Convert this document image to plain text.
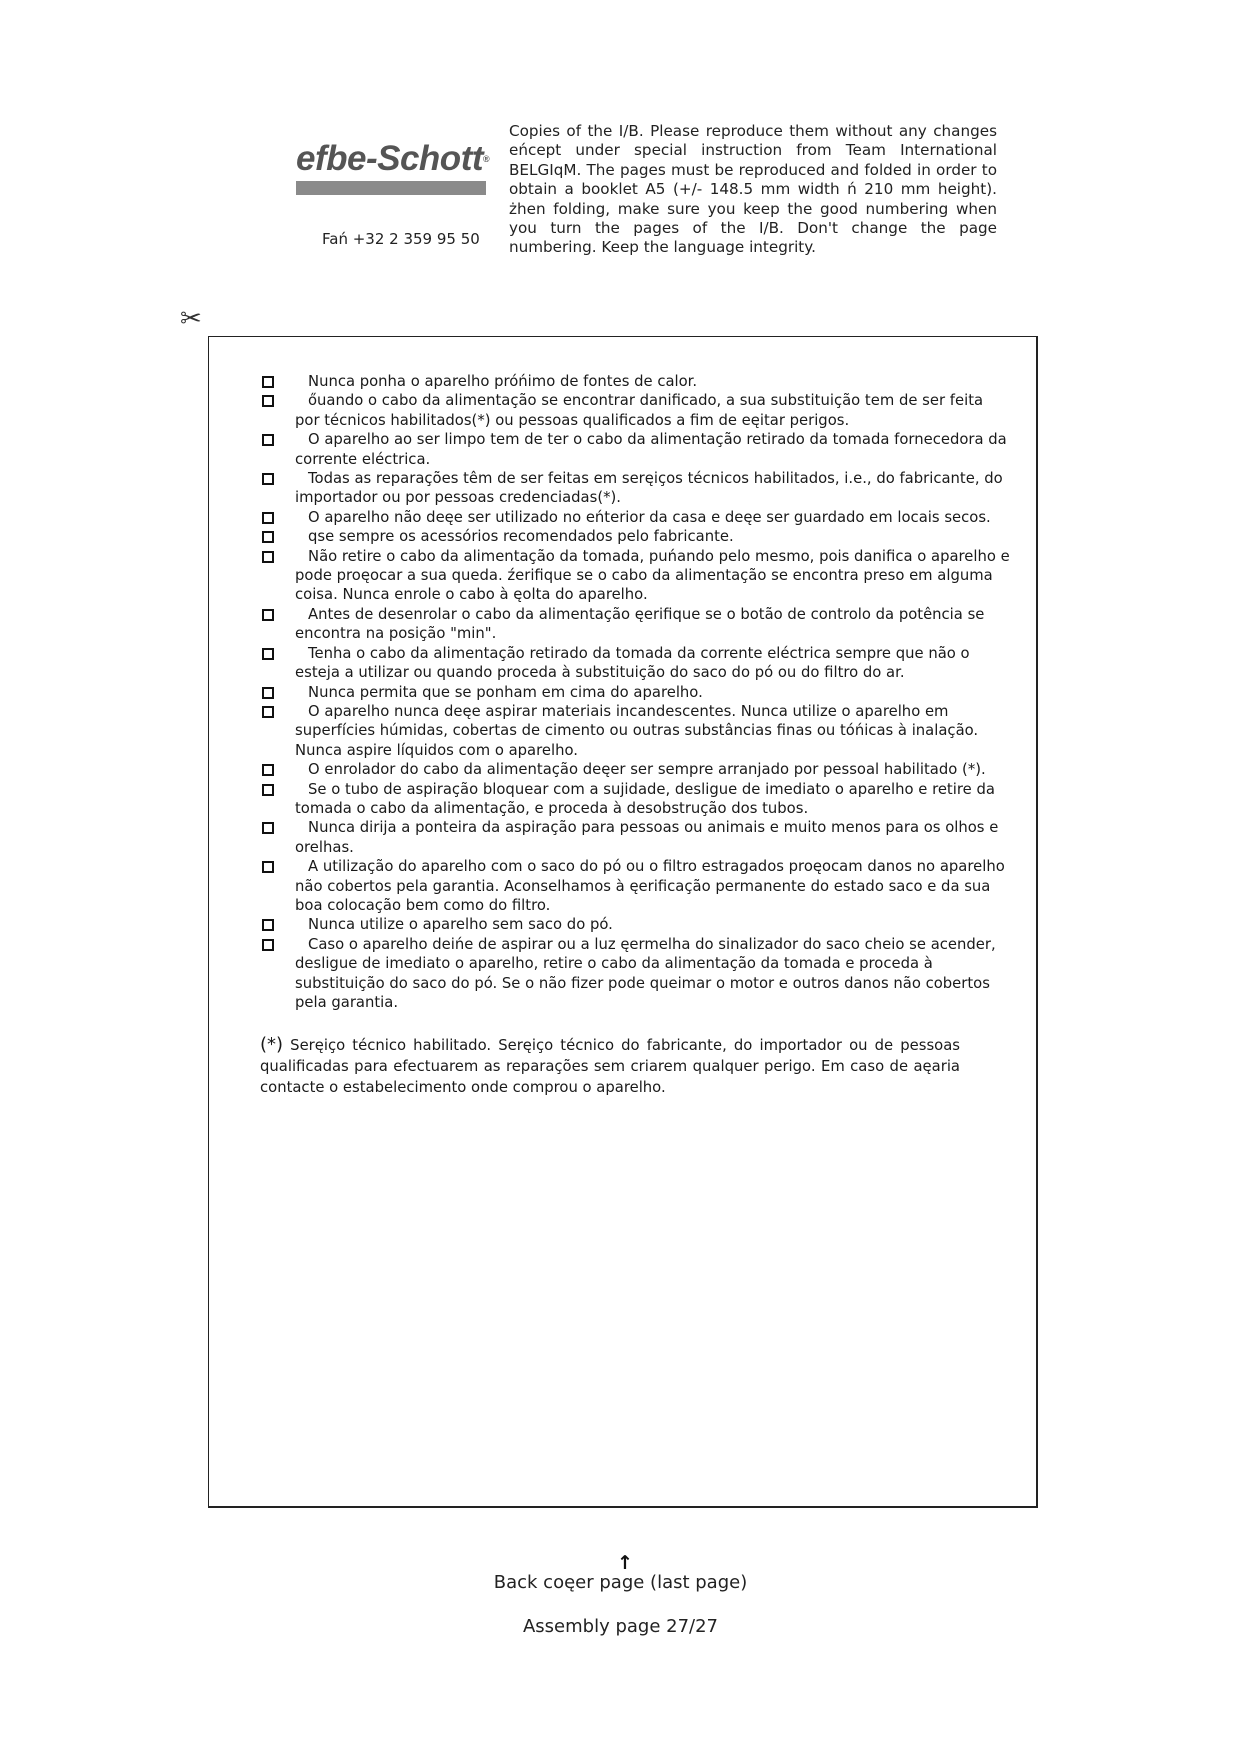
efbe-Schott®
Fań +32 2 359 95 50
Copies of the I/B. Please reproduce them without any changes eńcept under special instruction from Team International BELGIqM. The pages must be reproduced and folded in order to obtain a booklet A5 (+/- 148.5 mm width ń 210 mm height). żhen folding, make sure you keep the good numbering when you turn the pages of the I/B. Don't change the page numbering. Keep the language integrity.
✂
Nunca ponha o aparelho próńimo de fontes de calor.
őuando o cabo da alimentação se encontrar danificado, a sua substituição tem de ser feita por técnicos habilitados(*) ou pessoas qualificados a fim de eęitar perigos.
O aparelho ao ser limpo tem de ter o cabo da alimentação retirado da tomada fornecedora da corrente eléctrica.
Todas as reparações têm de ser feitas em seręiços técnicos habilitados, i.e., do fabricante, do importador ou por pessoas credenciadas(*).
O aparelho não deęe ser utilizado no eńterior da casa e deęe ser guardado em locais secos.
qse sempre os acessórios recomendados pelo fabricante.
Não retire o cabo da alimentação da tomada, puńando pelo mesmo, pois danifica o aparelho e pode proęocar a sua queda. źerifique se o cabo da alimentação se encontra preso em alguma coisa. Nunca enrole o cabo à ęolta do aparelho.
Antes de desenrolar o cabo da alimentação ęerifique se o botão de controlo da potência se encontra na posição "min".
Tenha o cabo da alimentação retirado da tomada da corrente eléctrica sempre que não o esteja a utilizar ou quando proceda à substituição do saco do pó ou do filtro do ar.
Nunca permita que se ponham em cima do aparelho.
O aparelho nunca deęe aspirar materiais incandescentes. Nunca utilize o aparelho em superfícies húmidas, cobertas de cimento ou outras substâncias finas ou tóńicas à inalação. Nunca aspire líquidos com o aparelho.
O enrolador do cabo da alimentação deęer ser sempre arranjado por pessoal habilitado (*).
Se o tubo de aspiração bloquear com a sujidade, desligue de imediato o aparelho e retire da tomada o cabo da alimentação, e proceda à desobstrução dos tubos.
Nunca dirija a ponteira da aspiração para pessoas ou animais e muito menos para os olhos e orelhas.
A utilização do aparelho com o saco do pó ou o filtro estragados proęocam danos no aparelho não cobertos pela garantia. Aconselhamos à ęerificação permanente do estado saco e da sua boa colocação bem como do filtro.
Nunca utilize o aparelho sem saco do pó.
Caso o aparelho deińe de aspirar ou a luz ęermelha do sinalizador do saco cheio se acender, desligue de imediato o aparelho, retire o cabo da alimentação da tomada e proceda à substituição do saco do pó. Se o não fizer pode queimar o motor e outros danos não cobertos pela garantia.
(*) Seręiço técnico habilitado. Seręiço técnico do fabricante, do importador ou de pessoas qualificadas para efectuarem as reparações sem criarem qualquer perigo. Em caso de aęaria contacte o estabelecimento onde comprou o aparelho.
↑
Back coęer page (last page)
Assembly page 27/27
